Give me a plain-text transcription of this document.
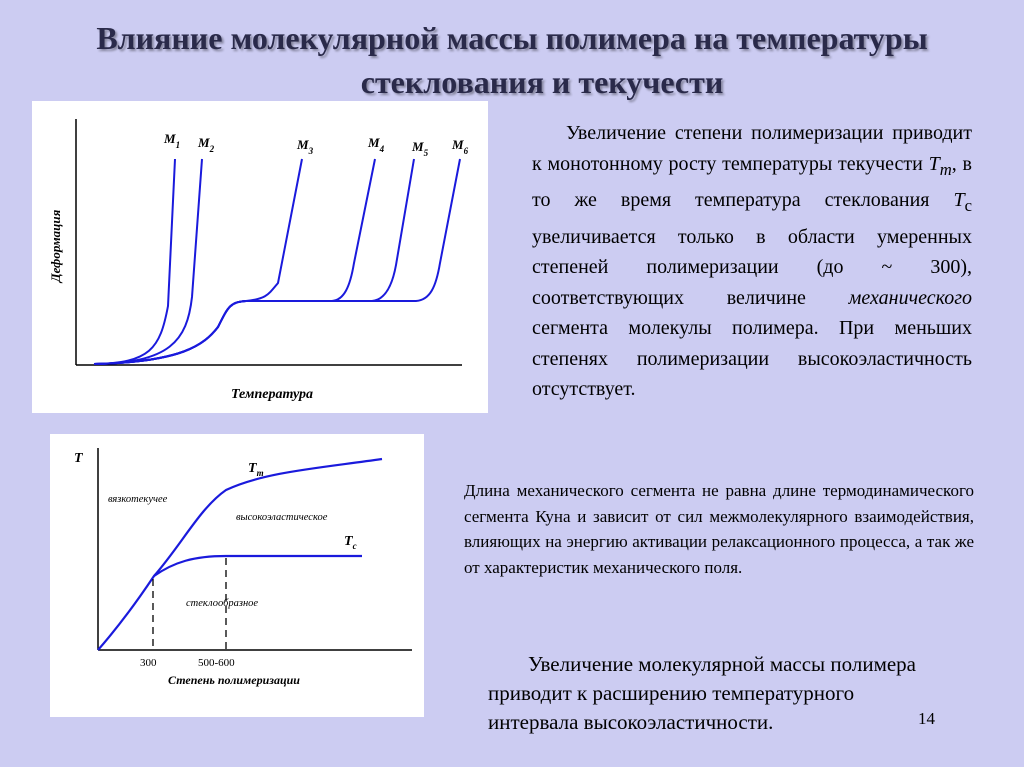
Влияние молекулярной массы полимера на температуры
стеклования и текучести
$M_1$ $M_2$	$M_3$
$M_4$ $M_5$
$M_6$
Деформация
Температура
T
$T_т$
$T_с$
вязкотекучее
высокоэластическое
стеклообразное
300	500-600
Степень полимеризации
Увеличение степени полимеризации приводит к монотонному росту температуры текучести $T_m$, в то же время температура стеклования $T_c$ увеличивается только в области умеренных степеней полимеризации (до ~ 300), соответствующих величине механического сегмента молекулы полимера. При меньших степенях полимеризации высокоэластичность отсутствует.
Длина механического сегмента не равна длине термодинамического сегмента Куна и зависит от сил межмолекулярного взаимодействия, влияющих на энергию активации релаксационного процесса, а так же от характеристик механического поля.
Увеличение молекулярной массы полимера
приводит к расширению температурного
интервала высокоэластичности.	14
